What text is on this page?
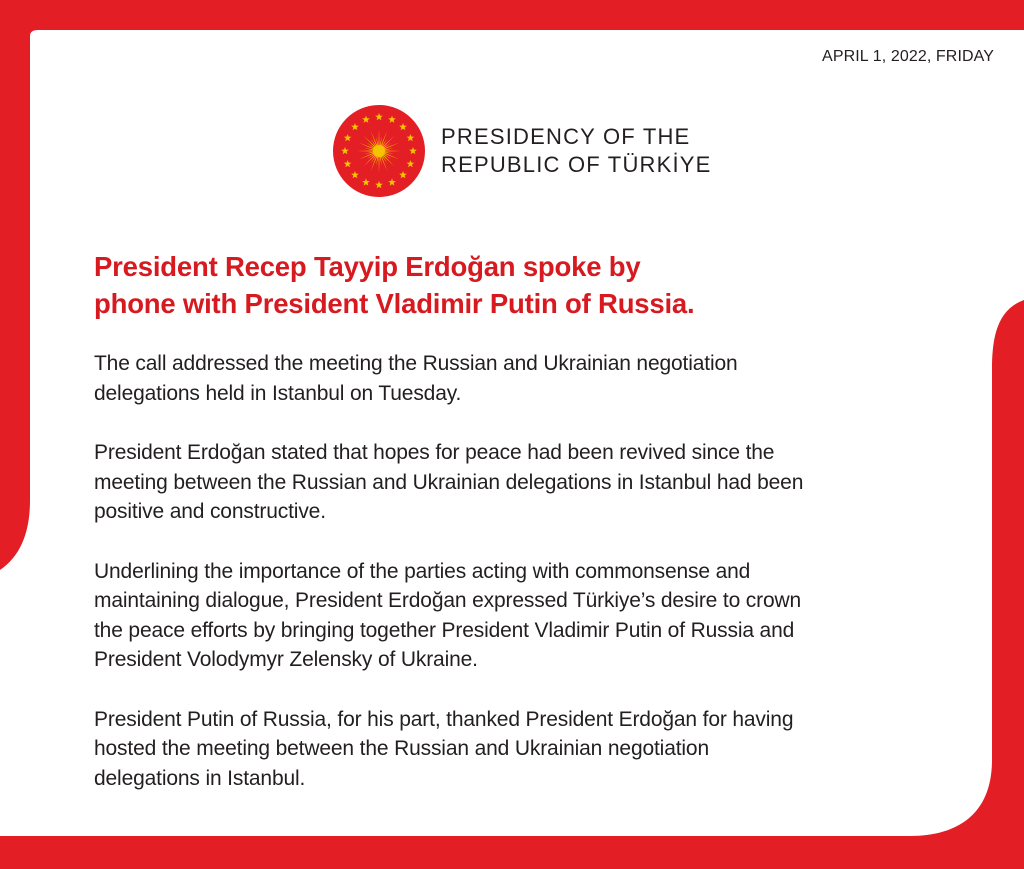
APRIL 1, 2022, FRIDAY
PRESIDENCY OF THE
REPUBLIC OF TÜRKİYE
President Recep Tayyip Erdoğan spoke by
phone with President Vladimir Putin of Russia.

The call addressed the meeting the Russian and Ukrainian negotiation delegations held in Istanbul on Tuesday.

President Erdoğan stated that hopes for peace had been revived since the meeting between the Russian and Ukrainian delegations in Istanbul had been positive and constructive.

Underlining the importance of the parties acting with commonsense and maintaining dialogue, President Erdoğan expressed Türkiye’s desire to crown the peace efforts by bringing together President Vladimir Putin of Russia and President Volodymyr Zelensky of Ukraine.

President Putin of Russia, for his part, thanked President Erdoğan for having hosted the meeting between the Russian and Ukrainian negotiation delegations in Istanbul.
